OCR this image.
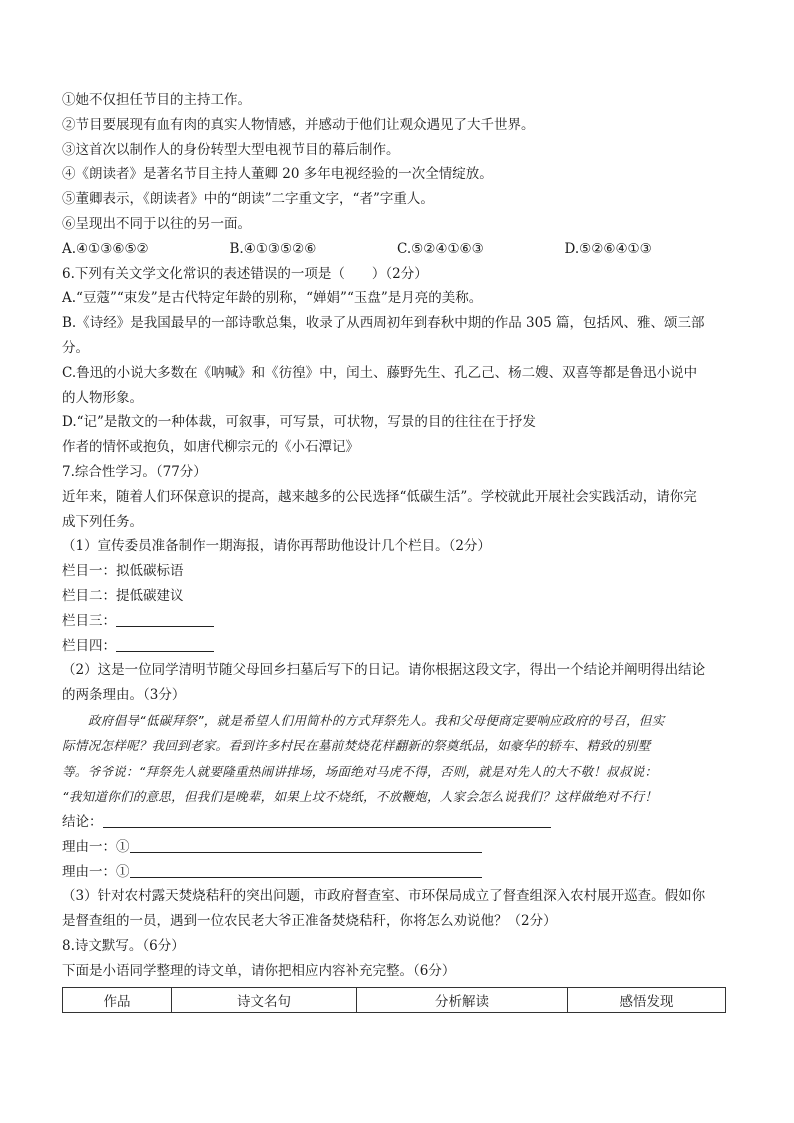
①她不仅担任节目的主持工作。
②节目要展现有血有肉的真实人物情感，并感动于他们让观众遇见了大千世界。
③这首次以制作人的身份转型大型电视节目的幕后制作。
④《朗读者》是著名节目主持人董卿 20 多年电视经验的一次全情绽放。
⑤董卿表示，《朗读者》中的“朗读”二字重文字，“者”字重人。
⑥呈现出不同于以往的另一面。
A.④①③⑥⑤②	B.④①③⑤②⑥	C.⑤②④①⑥③	D.⑤②⑥④①③
6.下列有关文学文化常识的表述错误的一项是（　　）（2分）
A.“豆蔻”“束发”是古代特定年龄的别称，“婵娟”“玉盘”是月亮的美称。
B.《诗经》是我国最早的一部诗歌总集，收录了从西周初年到春秋中期的作品 305 篇，包括风、雅、颂三部
分。
C.鲁迅的小说大多数在《呐喊》和《彷徨》中，闰土、藤野先生、孔乙己、杨二嫂、双喜等都是鲁迅小说中
的人物形象。
D.“记”是散文的一种体裁，可叙事，可写景，可状物，写景的目的往往在于抒发
作者的情怀或抱负，如唐代柳宗元的《小石潭记》
7.综合性学习。（77分）
近年来，随着人们环保意识的提高，越来越多的公民选择“低碳生活”。学校就此开展社会实践活动，请你完
成下列任务。
（1）宣传委员准备制作一期海报，请你再帮助他设计几个栏目。（2分）
栏目一：拟低碳标语
栏目二：提低碳建议
栏目三：
栏目四：
（2）这是一位同学清明节随父母回乡扫墓后写下的日记。请你根据这段文字，得出一个结论并阐明得出结论
的两条理由。（3分）
政府倡导“低碳拜祭”，就是希望人们用简朴的方式拜祭先人。我和父母便商定要响应政府的号召，但实
际情况怎样呢？我回到老家。看到许多村民在墓前焚烧花样翻新的祭奠纸品，如豪华的轿车、精致的别墅
等。爷爷说：“拜祭先人就要隆重热闹讲排场，场面绝对马虎不得，否则，就是对先人的大不敬！叔叔说：
“我知道你们的意思，但我们是晚辈，如果上坟不烧纸，不放鞭炮，人家会怎么说我们？这样做绝对不行！
结论：
理由一：①
理由一：①
（3）针对农村露天焚烧秸秆的突出问题，市政府督查室、市环保局成立了督查组深入农村展开巡查。假如你
是督查组的一员，遇到一位农民老大爷正准备焚烧秸秆，你将怎么劝说他？（2分）
8.诗文默写。（6分）
下面是小语同学整理的诗文单，请你把相应内容补充完整。（6分）
作品	诗文名句	分析解读	感悟发现
